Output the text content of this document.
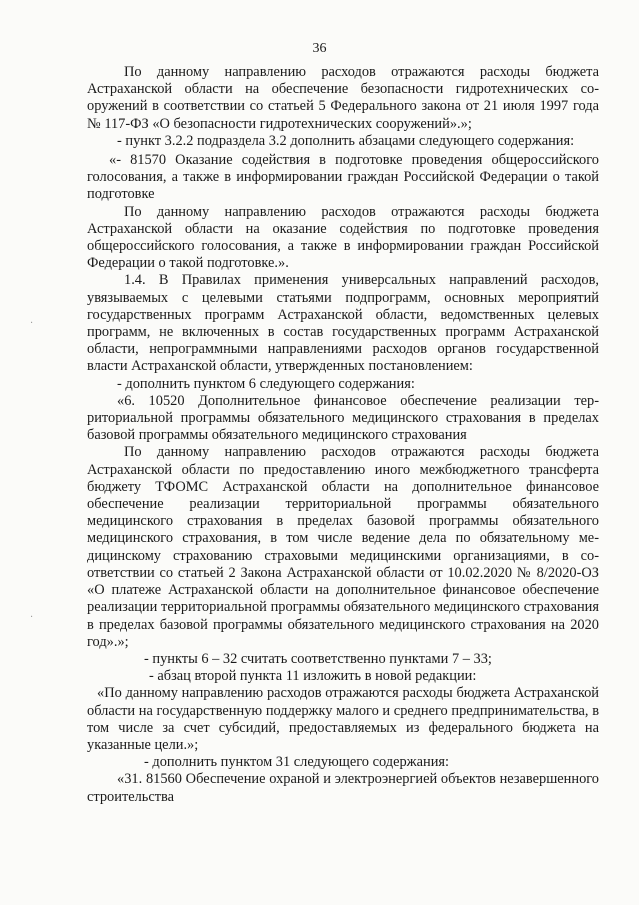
36

По данному направлению расходов отражаются расходы бюджета Астраханской области на обеспечение безопасности гидротехнических сооружений в соответствии со статьей 5 Федерального закона от 21 июля 1997 года № 117-ФЗ «О безопасности гидротехнических сооружений».»;

- пункт 3.2.2 подраздела 3.2 дополнить абзацами следующего содержания:

«- 81570 Оказание содействия в подготовке проведения общероссийского голосования, а также в информировании граждан Российской Федерации о такой подготовке

По данному направлению расходов отражаются расходы бюджета Астраханской области на оказание содействия по подготовке проведения общероссийского голосования, а также в информировании граждан Российской Федерации о такой подготовке.».

1.4. В Правилах применения универсальных направлений расходов, увязываемых с целевыми статьями подпрограмм, основных мероприятий государственных программ Астраханской области, ведомственных целевых программ, не включенных в состав государственных программ Астраханской области, непрограммными направлениями расходов органов государственной власти Астраханской области, утвержденных постановлением:

- дополнить пунктом 6 следующего содержания:

«6. 10520 Дополнительное финансовое обеспечение реализации территориальной программы обязательного медицинского страхования в пределах базовой программы обязательного медицинского страхования

По данному направлению расходов отражаются расходы бюджета Астраханской области по предоставлению иного межбюджетного трансферта бюджету ТФОМС Астраханской области на дополнительное финансовое обеспечение реализации территориальной программы обязательного медицинского страхования в пределах базовой программы обязательного медицинского страхования, в том числе ведение дела по обязательному медицинскому страхованию страховыми медицинскими организациями, в соответствии со статьей 2 Закона Астраханской области от 10.02.2020 № 8/2020-ОЗ «О платеже Астраханской области на дополнительное финансовое обеспечение реализации территориальной программы обязательного медицинского страхования в пределах базовой программы обязательного медицинского страхования на 2020 год».»;

- пункты 6 – 32 считать соответственно пунктами 7 – 33;

- абзац второй пункта 11 изложить в новой редакции:

«По данному направлению расходов отражаются расходы бюджета Астраханской области на государственную поддержку малого и среднего предпринимательства, в том числе за счет субсидий, предоставляемых из федерального бюджета на указанные цели.»;

- дополнить пунктом 31 следующего содержания:

«31. 81560 Обеспечение охраной и электроэнергией объектов незавершенного строительства

·
·
